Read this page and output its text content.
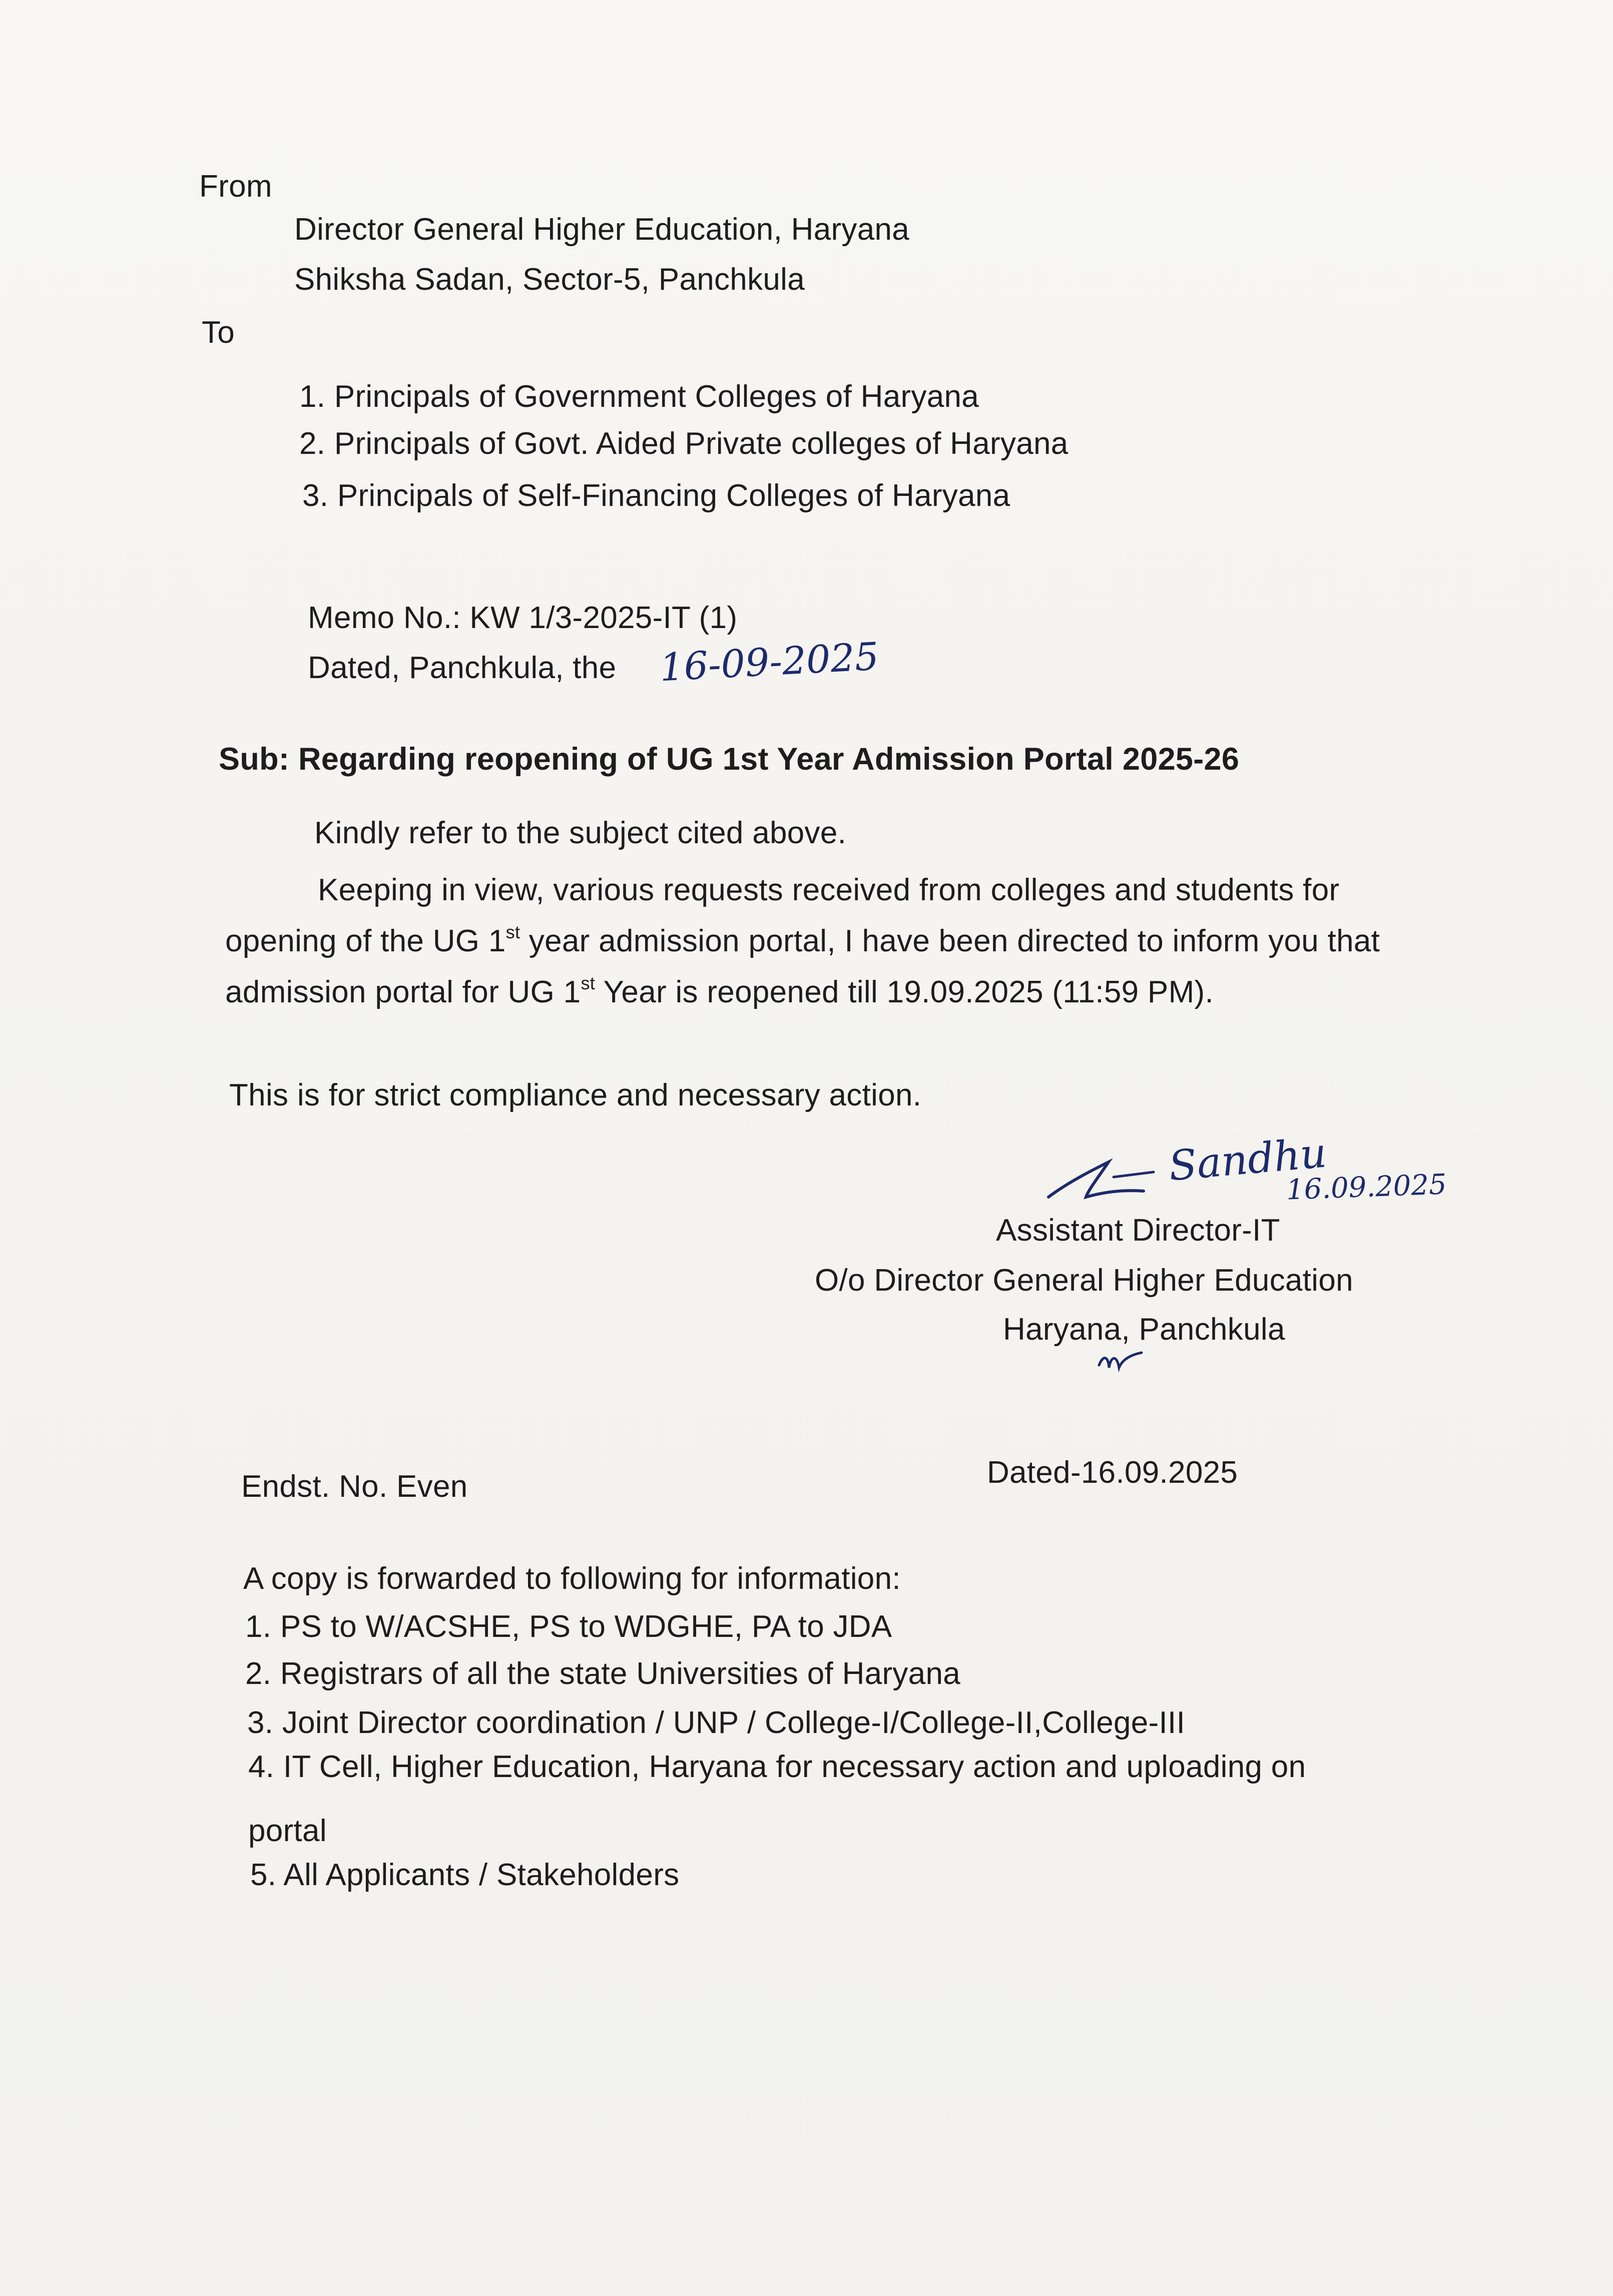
From
Director General Higher Education, Haryana
Shiksha Sadan, Sector-5, Panchkula
To
1. Principals of Government Colleges of Haryana
2. Principals of Govt. Aided Private colleges of Haryana
3. Principals of Self-Financing Colleges of Haryana
Memo No.: KW 1/3-2025-IT (1)
Dated, Panchkula, the 16-09-2025
Sub: Regarding reopening of UG 1st Year Admission Portal 2025-26
Kindly refer to the subject cited above.
Keeping in view, various requests received from colleges and students for opening of the UG 1st year admission portal, I have been directed to inform you that admission portal for UG 1st Year is reopened till 19.09.2025 (11:59 PM).
This is for strict compliance and necessary action.
Sandhu
16.09.2025
Assistant Director-IT
O/o Director General Higher Education
Haryana, Panchkula
Endst. No. Even	Dated-16.09.2025
A copy is forwarded to following for information:
1. PS to W/ACSHE, PS to WDGHE, PA to JDA
2. Registrars of all the state Universities of Haryana
3. Joint Director coordination / UNP / College-I/College-II,College-III
4. IT Cell, Higher Education, Haryana for necessary action and uploading on
portal
5. All Applicants / Stakeholders
